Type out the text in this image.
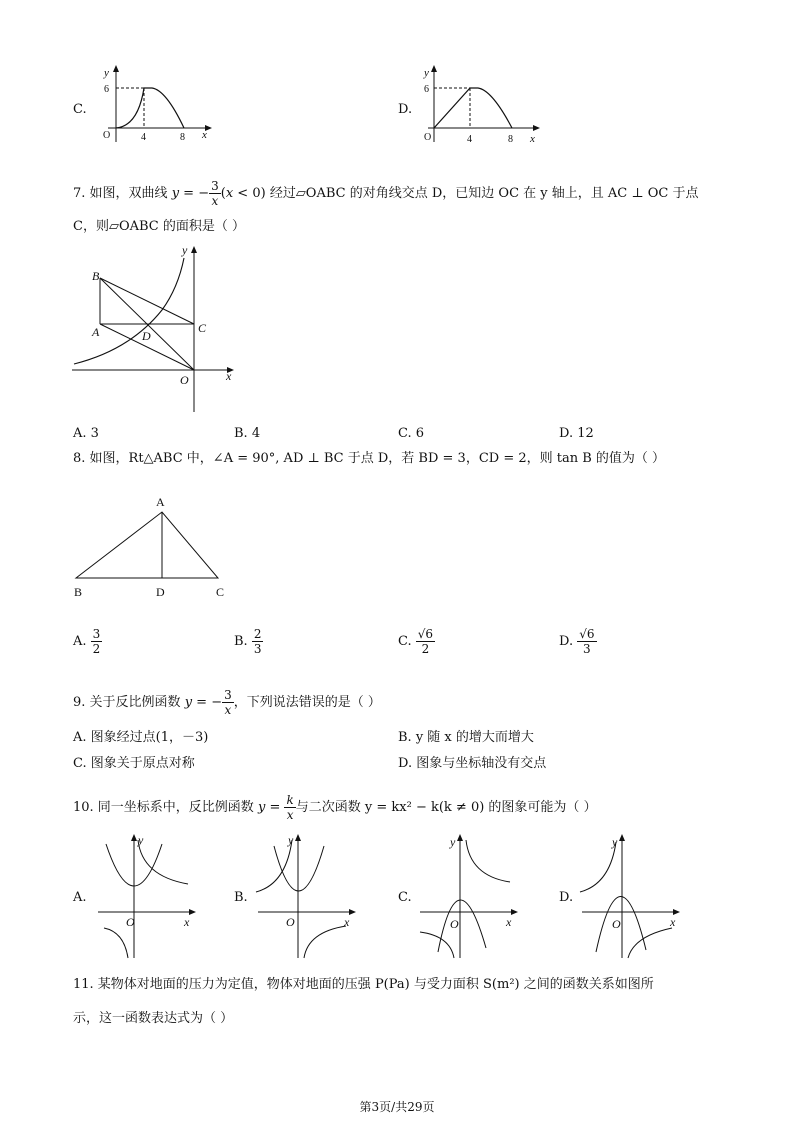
C.
y
6
O	4	8 x
D.
y
6
O	4	8 x
7. 如图，双曲线 y = − $\frac{3}{x} (x < 0)$ 经过▱OABC 的对角线交点 D，已知边 OC 在 y 轴上，且 AC ⊥ OC 于点
C，则▱OABC 的面积是（ ）
B
A	D
C
O	x
y
A. 3	B. 4	C. 6	D. 12
8. 如图，Rt△ABC 中，∠A = 90°, AD ⊥ BC 于点 D，若 BD = 3，CD = 2，则 tan B 的值为（ ）
A
B	D	C
A. $\frac{3}{2}$	B. $\frac{2}{3}$	C. $\frac{√6}{2}$	D. $\frac{√6}{3}$
9. 关于反比例函数 y = − $\frac{3}{x}$ ，下列说法错误的是（ ）
A. 图象经过点(1，－3)	B. y 随 x 的增大而增大
C. 图象关于原点对称	D. 图象与坐标轴没有交点
10. 同一坐标系中，反比例函数 $y = \frac{k}{x}$ 与二次函数 y = kx² − k(k ≠ 0) 的图象可能为（ ）
A.
y
O	x
B.
y
O	x
C.
y
O	x
D.
y
O	x
11. 某物体对地面的压力为定值，物体对地面的压强 P(Pa) 与受力面积 S(m²) 之间的函数关系如图所
示，这一函数表达式为（ ）
第3页/共29页
